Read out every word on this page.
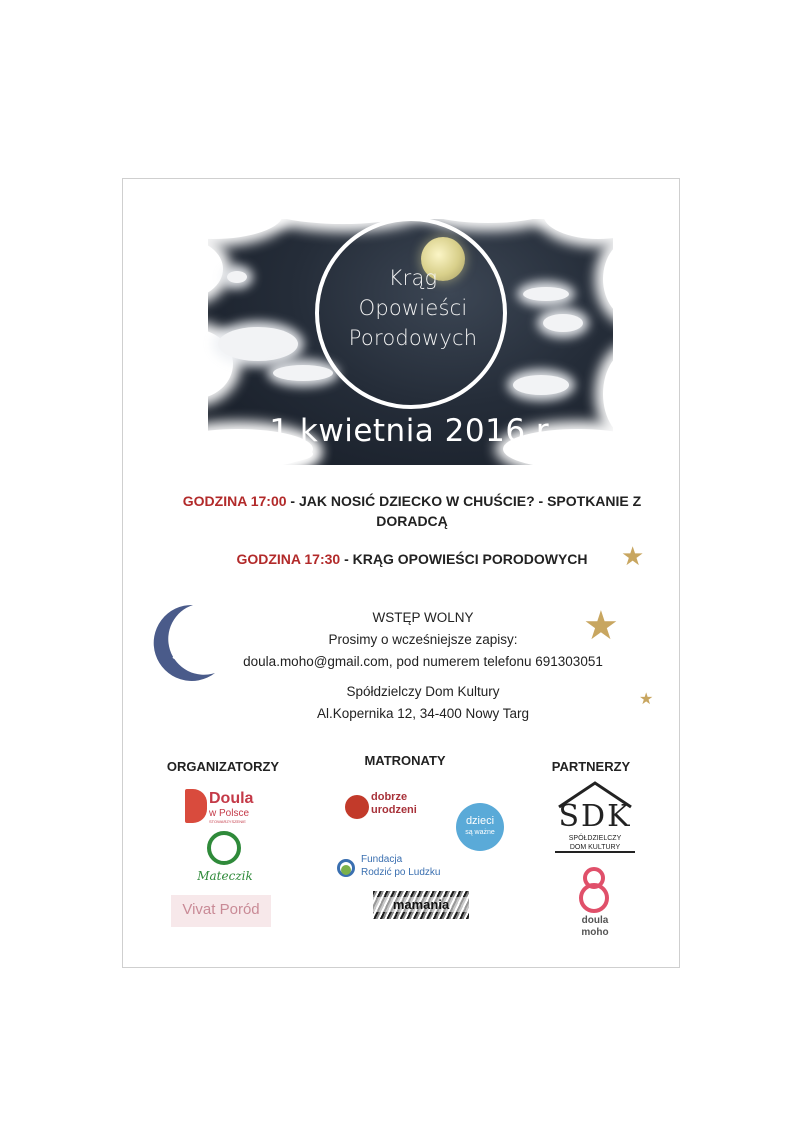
Krąg
Opowieści
Porodowych
1 kwietnia 2016 r.
GODZINA 17:00 - JAK NOSIĆ DZIECKO W CHUŚCIE? - SPOTKANIE Z DORADCĄ
GODZINA 17:30 - KRĄG OPOWIEŚCI PORODOWYCH	★
★
★
WSTĘP WOLNY
Prosimy o wcześniejsze zapisy:
doula.moho@gmail.com, pod numerem telefonu 691303051
Spółdzielczy Dom Kultury
Al.Kopernika 12, 34-400 Nowy Targ
ORGANIZATORZY	MATRONATY	PARTNERZY
Doula
w Polsce
STOWARZYSZENIE
Mateczik
Vivat Poród
dobrze
urodzeni
dzieci
są ważne
Fundacja
Rodzić po Ludzku
mamania
SDK
SPÓŁDZIELCZY
DOM KULTURY
doula
moho
